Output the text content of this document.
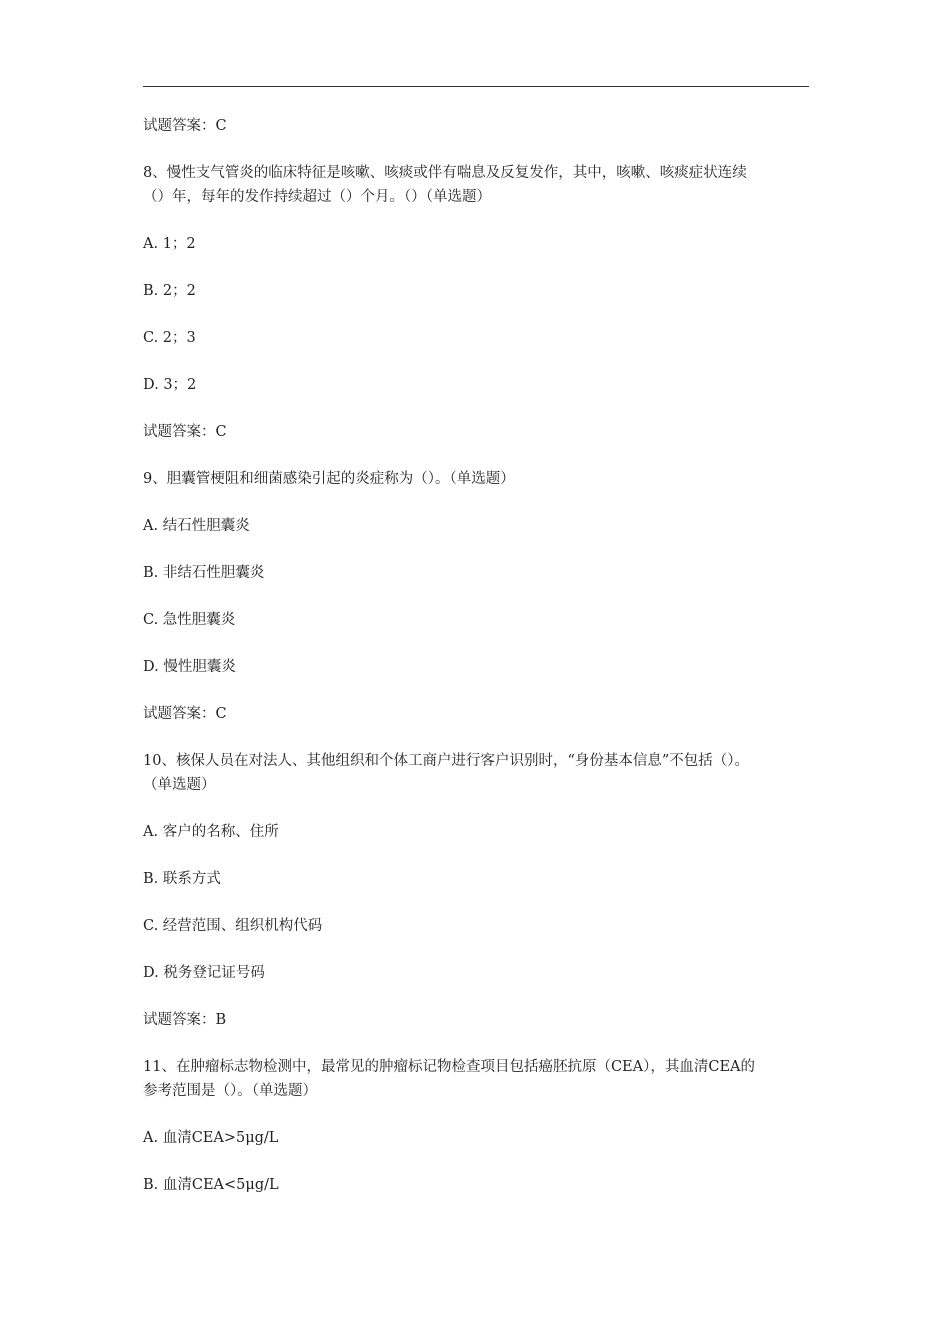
试题答案：C

8、慢性支气管炎的临床特征是咳嗽、咳痰或伴有喘息及反复发作，其中，咳嗽、咳痰症状连续

（）年，每年的发作持续超过（）个月。（）（单选题）

A. 1；2

B. 2；2

C. 2；3

D. 3；2

试题答案：C

9、胆囊管梗阻和细菌感染引起的炎症称为（）。（单选题）

A. 结石性胆囊炎

B. 非结石性胆囊炎

C. 急性胆囊炎

D. 慢性胆囊炎

试题答案：C

10、核保人员在对法人、其他组织和个体工商户进行客户识别时，“身份基本信息”不包括（）。

（单选题）

A. 客户的名称、住所

B. 联系方式

C. 经营范围、组织机构代码

D. 税务登记证号码

试题答案：B

11、在肿瘤标志物检测中，最常见的肿瘤标记物检查项目包括癌胚抗原（CEA），其血清CEA的

参考范围是（）。（单选题）

A. 血清CEA>5μg/L

B. 血清CEA<5μg/L
